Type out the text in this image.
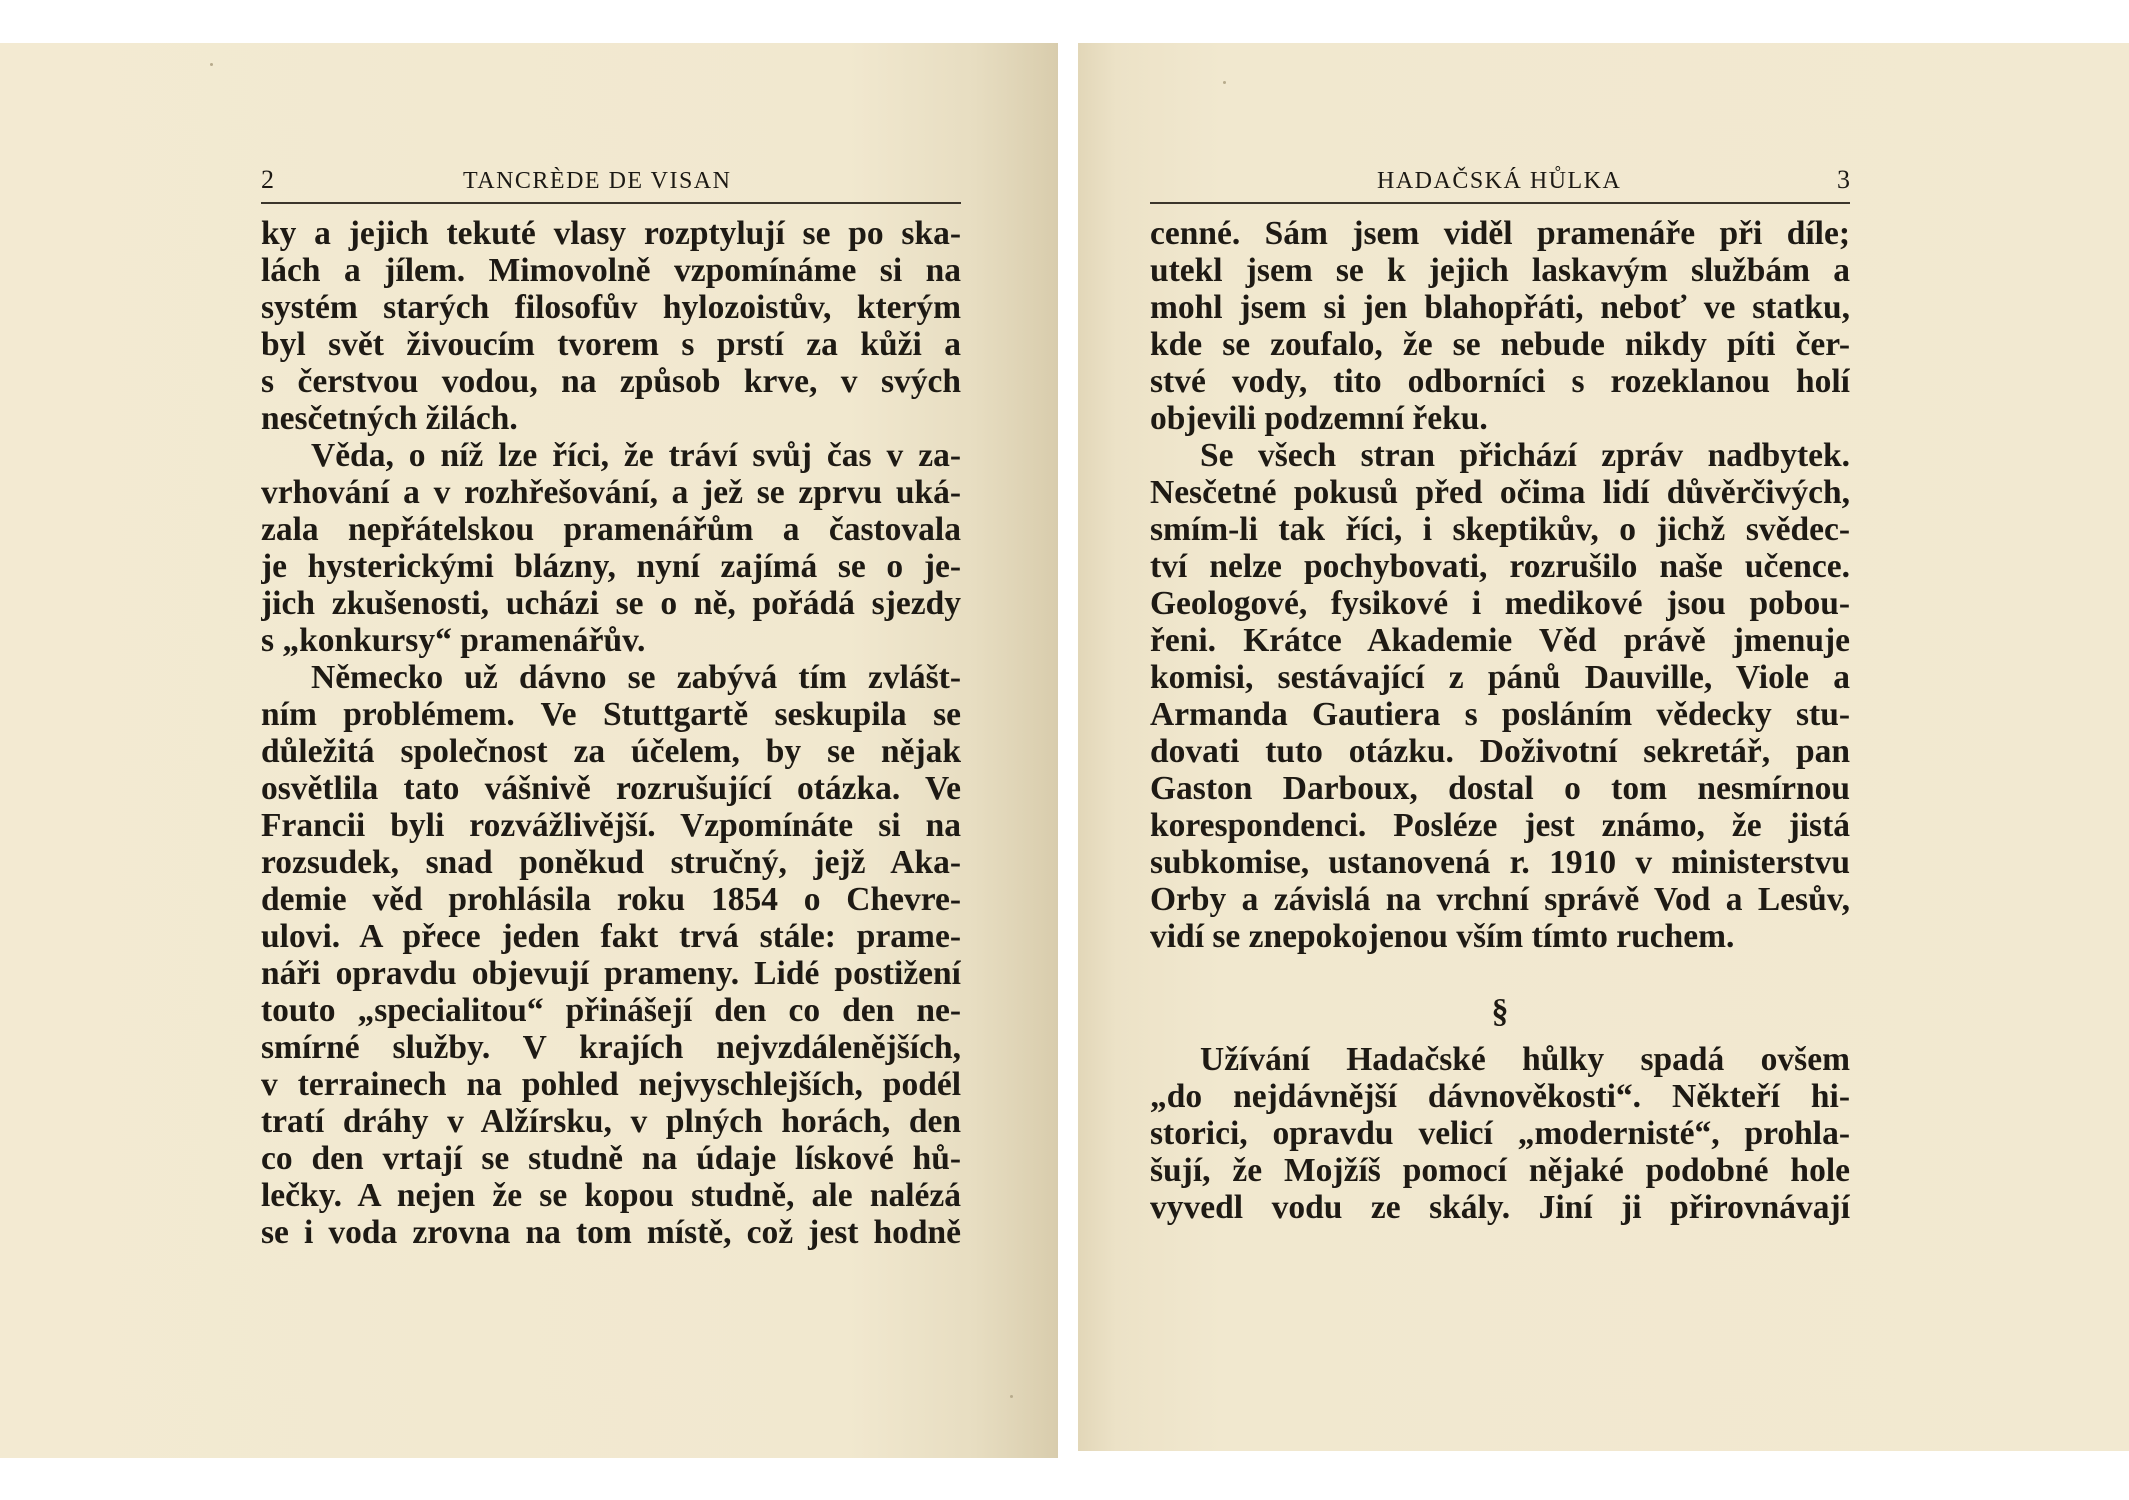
2	TANCRÈDE DE VISAN
ky a jejich tekuté vlasy rozptylují se po ska-
lách a jílem. Mimovolně vzpomínáme si na
systém starých filosofův hylozoistův, kterým
byl svět živoucím tvorem s prstí za kůži a
s čerstvou vodou, na způsob krve, v svých
nesčetných žilách.
Věda, o níž lze říci, že tráví svůj čas v za-
vrhování a v rozhřešování, a jež se zprvu uká-
zala nepřátelskou pramenářům a častovala
je hysterickými blázny, nyní zajímá se o je-
jich zkušenosti, ucházi se o ně, pořádá sjezdy
s „konkursy“ pramenářův.
Německo už dávno se zabývá tím zvlášt-
ním problémem. Ve Stuttgartě seskupila se
důležitá společnost za účelem, by se nějak
osvětlila tato vášnivě rozrušující otázka. Ve
Francii byli rozvážlivější. Vzpomínáte si na
rozsudek, snad poněkud stručný, jejž Aka-
demie věd prohlásila roku 1854 o Chevre-
ulovi. A přece jeden fakt trvá stále: prame-
náři opravdu objevují prameny. Lidé postižení
touto „specialitou“ přinášejí den co den ne-
smírné služby. V krajích nejvzdálenějších,
v terrainech na pohled nejvyschlejších, podél
tratí dráhy v Alžírsku, v plných horách, den
co den vrtají se studně na údaje lískové hů-
lečky. A nejen že se kopou studně, ale nalézá
se i voda zrovna na tom místě, což jest hodně
HADAČSKÁ HŮLKA	3
cenné. Sám jsem viděl pramenáře při díle;
utekl jsem se k jejich laskavým službám a
mohl jsem si jen blahopřáti, neboť ve statku,
kde se zoufalo, že se nebude nikdy píti čer-
stvé vody, tito odborníci s rozeklanou holí
objevili podzemní řeku.
Se všech stran přichází zpráv nadbytek.
Nesčetné pokusů před očima lidí důvěrčivých,
smím-li tak říci, i skeptikův, o jichž svědec-
tví nelze pochybovati, rozrušilo naše učence.
Geologové, fysikové i medikové jsou pobou-
řeni. Krátce Akademie Věd právě jmenuje
komisi, sestávající z pánů Dauville, Viole a
Armanda Gautiera s posláním vědecky stu-
dovati tuto otázku. Doživotní sekretář, pan
Gaston Darboux, dostal o tom nesmírnou
korespondenci. Posléze jest známo, že jistá
subkomise, ustanovená r. 1910 v ministerstvu
Orby a závislá na vrchní správě Vod a Lesův,
vidí se znepokojenou vším tímto ruchem.
§
Užívání Hadačské hůlky spadá ovšem
„do nejdávnější dávnověkosti“. Někteří hi-
storici, opravdu velicí „modernisté“, prohla-
šují, že Mojžíš pomocí nějaké podobné hole
vyvedl vodu ze skály. Jiní ji přirovnávají
